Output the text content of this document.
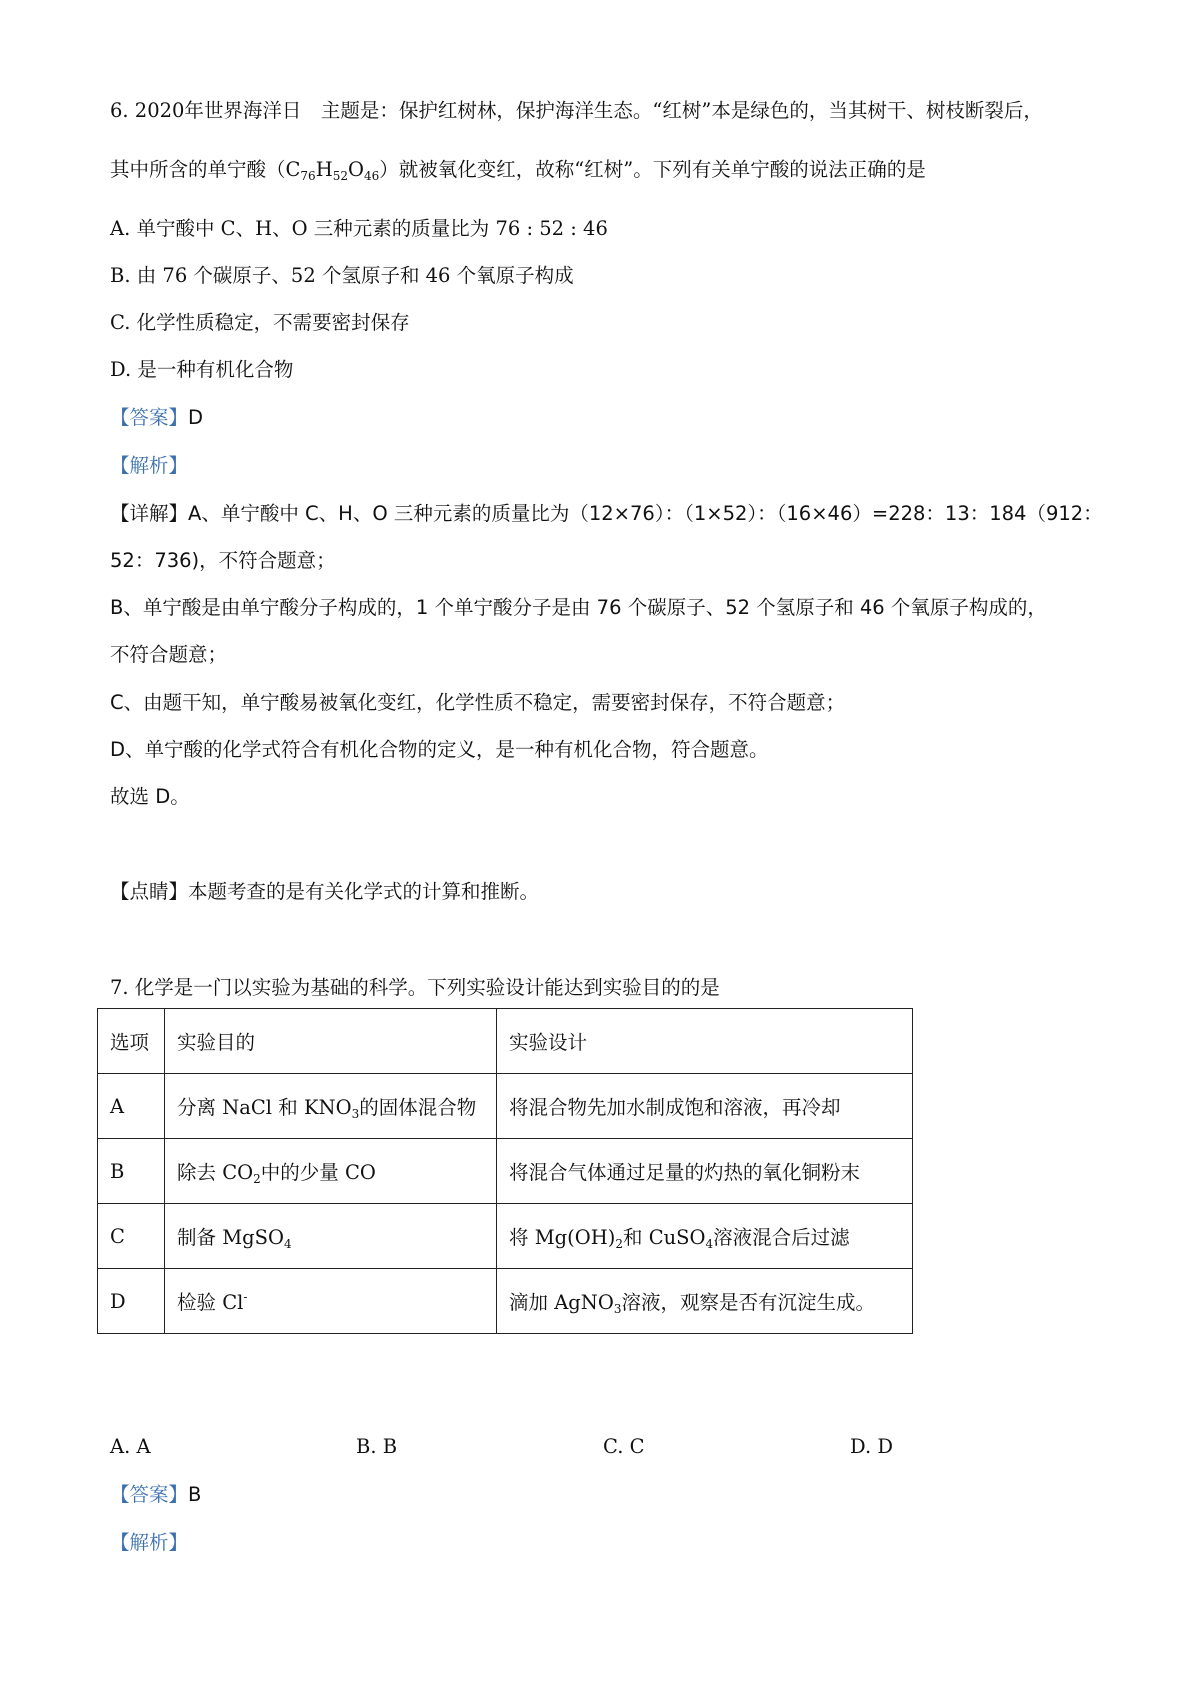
6. 2020年世界海洋日　主题是：保护红树林，保护海洋生态。“红树”本是绿色的，当其树干、树枝断裂后，
其中所含的单宁酸$(C_{76}H_{52}O_{46})$就被氧化变红，故称“红树”。下列有关单宁酸的说法正确的是
A. 单宁酸中 C、H、O 三种元素的质量比为 76 : 52 : 46
B. 由 76 个碳原子、52 个氢原子和 46 个氧原子构成
C. 化学性质稳定，不需要密封保存
D. 是一种有机化合物
【答案】D
【解析】
【详解】A、单宁酸中 C、H、O 三种元素的质量比为（12×76）：（1×52）：（16×46）=228：13：184（912：
52：736)，不符合题意；
B、单宁酸是由单宁酸分子构成的，1 个单宁酸分子是由 76 个碳原子、52 个氢原子和 46 个氧原子构成的，
不符合题意；
C、由题干知，单宁酸易被氧化变红，化学性质不稳定，需要密封保存，不符合题意；
D、单宁酸的化学式符合有机化合物的定义，是一种有机化合物，符合题意。
故选 D。
【点睛】本题考查的是有关化学式的计算和推断。
7. 化学是一门以实验为基础的科学。下列实验设计能达到实验目的的是
选项	实验目的	实验设计
A	分离 NaCl 和 $KNO_3$的固体混合物	将混合物先加水制成饱和溶液，再冷却
B	除去 $CO_2$中的少量 CO	将混合气体通过足量的灼热的氧化铜粉末
C	制备 MgSO$_4$	将 $Mg(OH)_2$和 CuSO$_4$溶液混合后过滤
D	检验 Cl-	滴加 AgNO$_3$溶液，观察是否有沉淀生成。
A. A	B. B	C. C	D. D
【答案】B
【解析】
